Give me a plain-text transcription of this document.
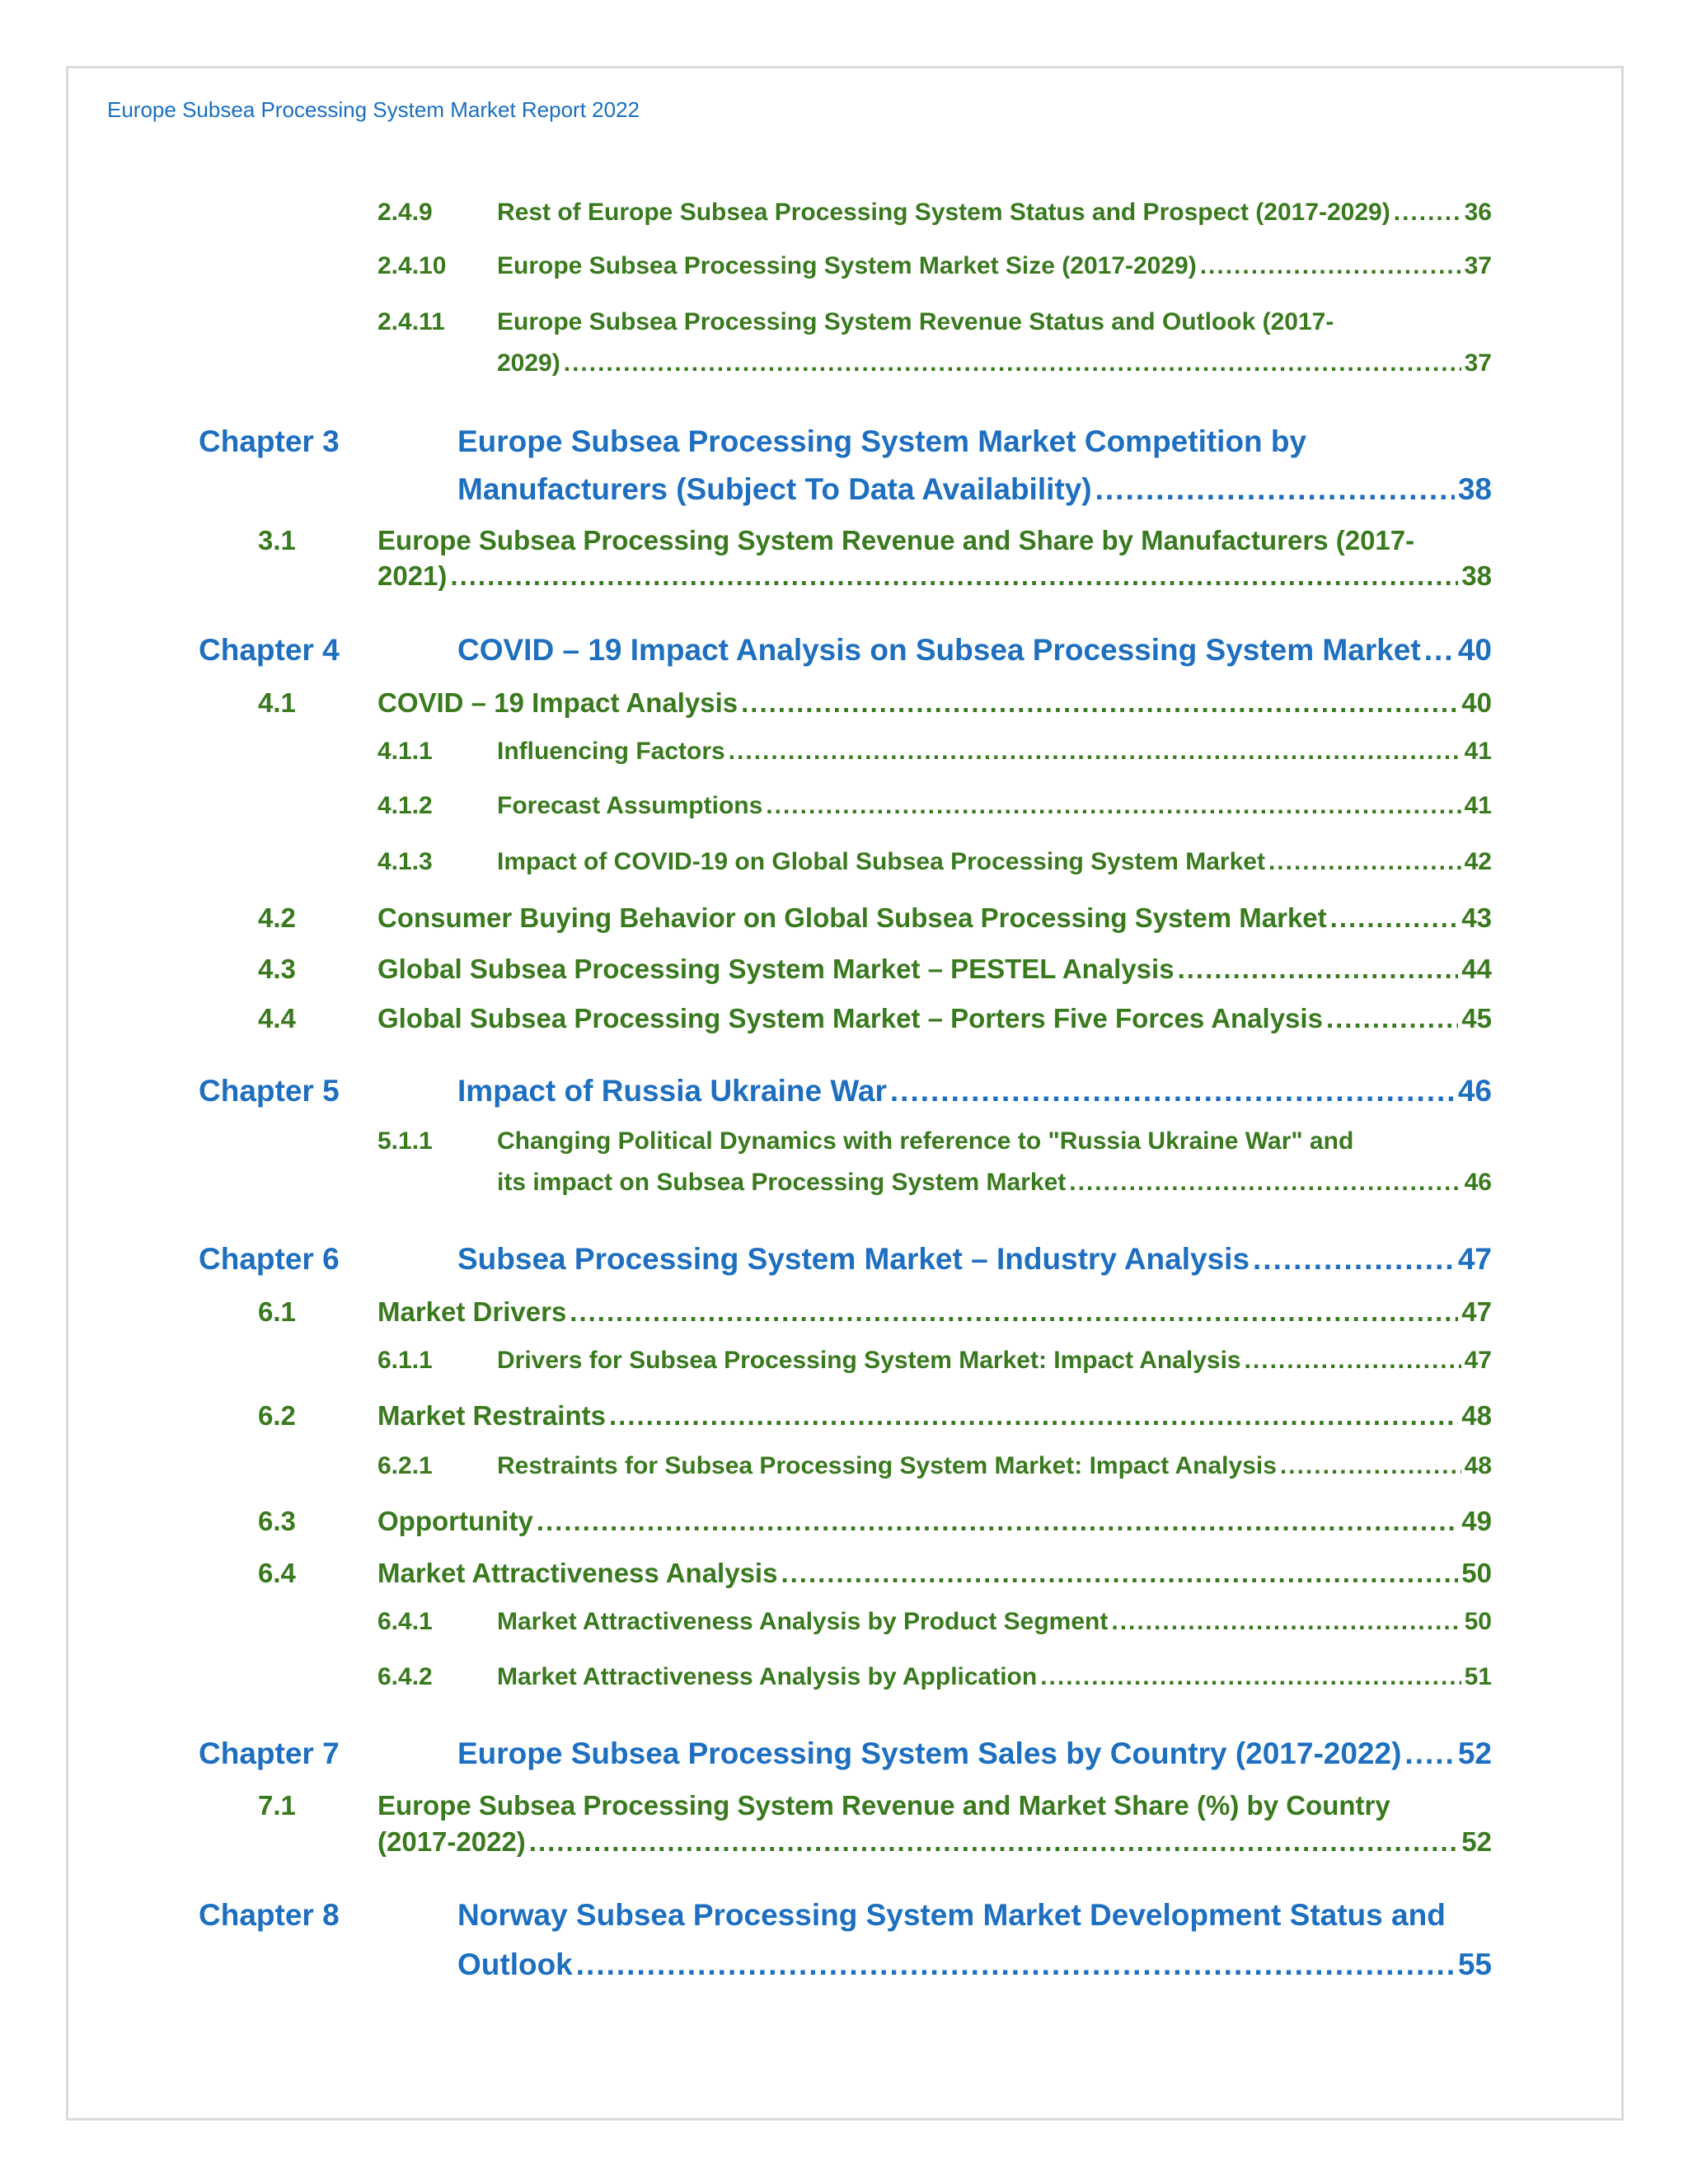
Europe Subsea Processing System Market Report 2022
2.4.9	Rest of Europe Subsea Processing System Status and Prospect (2017-2029) .....	36
2.4.10 Europe Subsea Processing System Market Size (2017-2029) .....	37
2.4.11 Europe Subsea Processing System Revenue Status and Outlook (2017-
2029) .....	37
Chapter 3	Europe Subsea Processing System Market Competition by
Manufacturers (Subject To Data Availability) .....	38
3.1	Europe Subsea Processing System Revenue and Share by Manufacturers (2017-
2021) .....	38
Chapter 4	COVID – 19 Impact Analysis on Subsea Processing System Market ..... 40
4.1	COVID – 19 Impact Analysis .....	40
4.1.1	Influencing Factors .....	41
4.1.2	Forecast Assumptions .....	41
4.1.3	Impact of COVID-19 on Global Subsea Processing System Market .....	42
4.2	Consumer Buying Behavior on Global Subsea Processing System Market .....	43
4.3	Global Subsea Processing System Market – PESTEL Analysis .....	44
4.4	Global Subsea Processing System Market – Porters Five Forces Analysis .....	45
Chapter 5	Impact of Russia Ukraine War .....	46
5.1.1	Changing Political Dynamics with reference to "Russia Ukraine War" and
its impact on Subsea Processing System Market .....	46
Chapter 6	Subsea Processing System Market – Industry Analysis .....	47
6.1	Market Drivers .....	47
6.1.1	Drivers for Subsea Processing System Market: Impact Analysis .....	47
6.2	Market Restraints .....	48
6.2.1	Restraints for Subsea Processing System Market: Impact Analysis .....	48
6.3	Opportunity .....	49
6.4	Market Attractiveness Analysis .....	50
6.4.1	Market Attractiveness Analysis by Product Segment .....	50
6.4.2	Market Attractiveness Analysis by Application .....	51
Chapter 7	Europe Subsea Processing System Sales by Country (2017-2022) ..... 52
7.1	Europe Subsea Processing System Revenue and Market Share (%) by Country
(2017-2022) .....	52
Chapter 8	Norway Subsea Processing System Market Development Status and
Outlook .....	55
